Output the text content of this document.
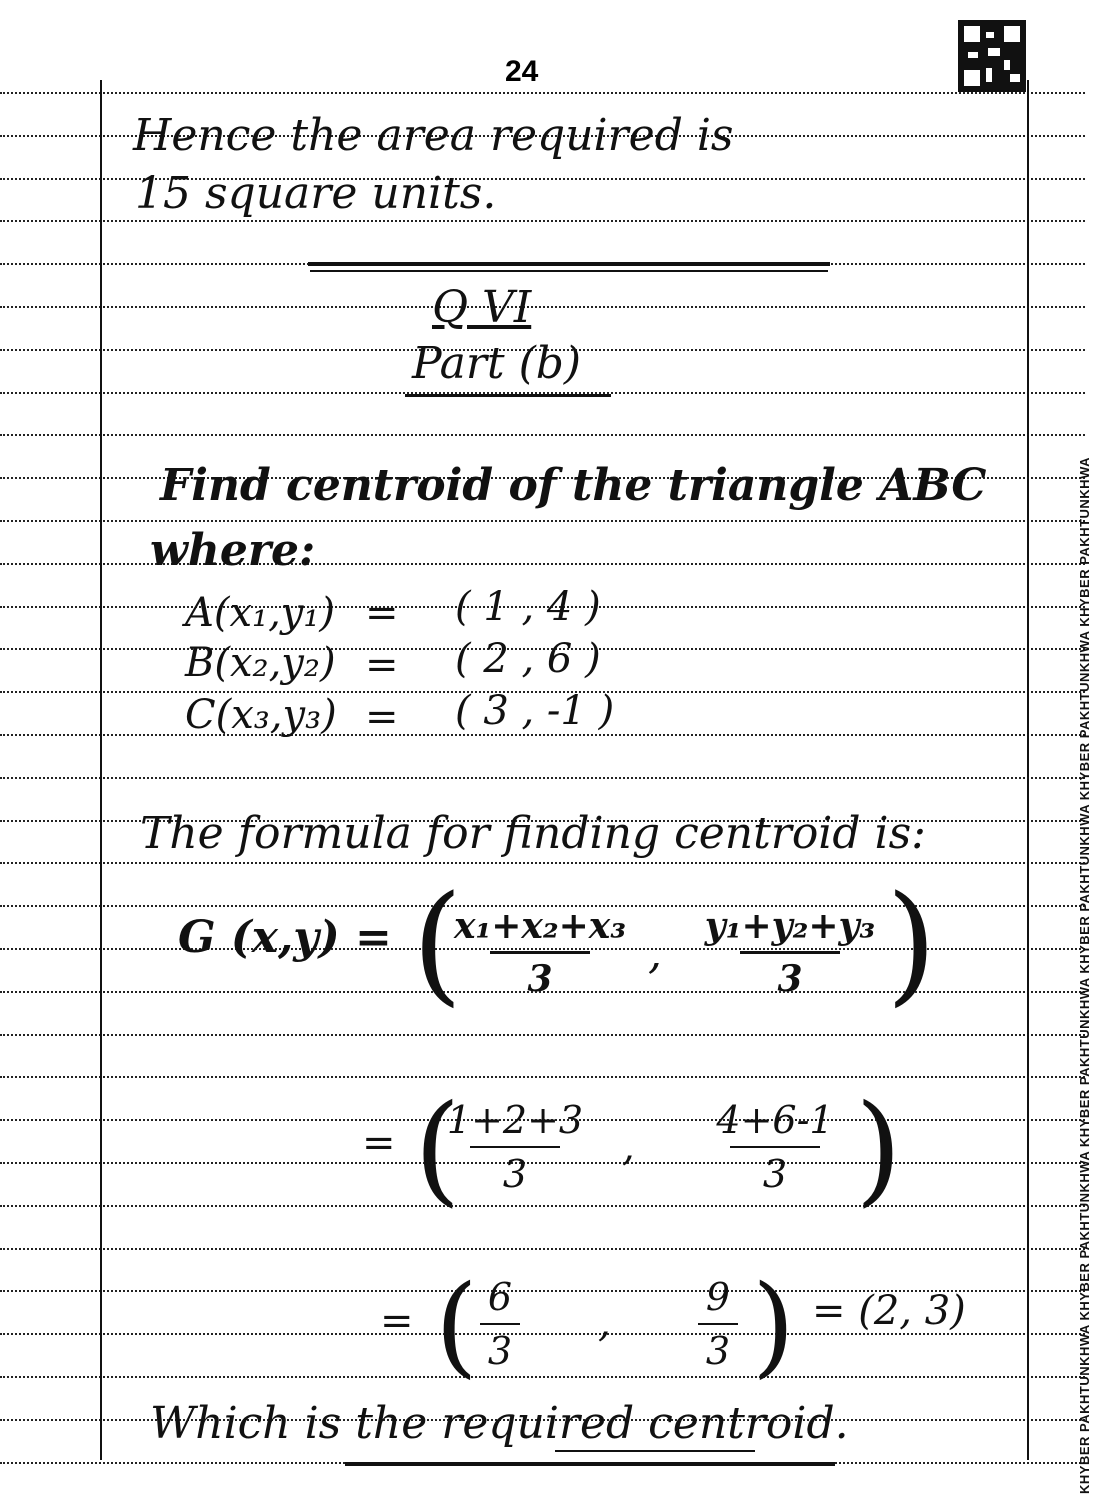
24
KHYBER PAKHTUNKHWA KHYBER PAKHTUNKHWA KHYBER PAKHTUNKHWA KHYBER PAKHTUNKHWA KHYBER PAKHTUNKHWA KHYBER PAKHTUNKHWA
Hence the area required is
15 square units.
Q VI
Part (b)
Find centroid of the triangle ABC
where:
A(x₁,y₁) = ( 1 , 4 )
B(x₂,y₂) = ( 2 , 6 )
C(x₃,y₃) = ( 3 , -1 )
The formula for finding centroid is:
G (x,y) = (
x₁+x₂+x₃
3	,
y₁+y₂+y₃
3 )
= (
1+2+3
3
,
4+6-1
3 )
= ( 6
3
,
9
3 ) = (2, 3)
Which is the required centroid.
